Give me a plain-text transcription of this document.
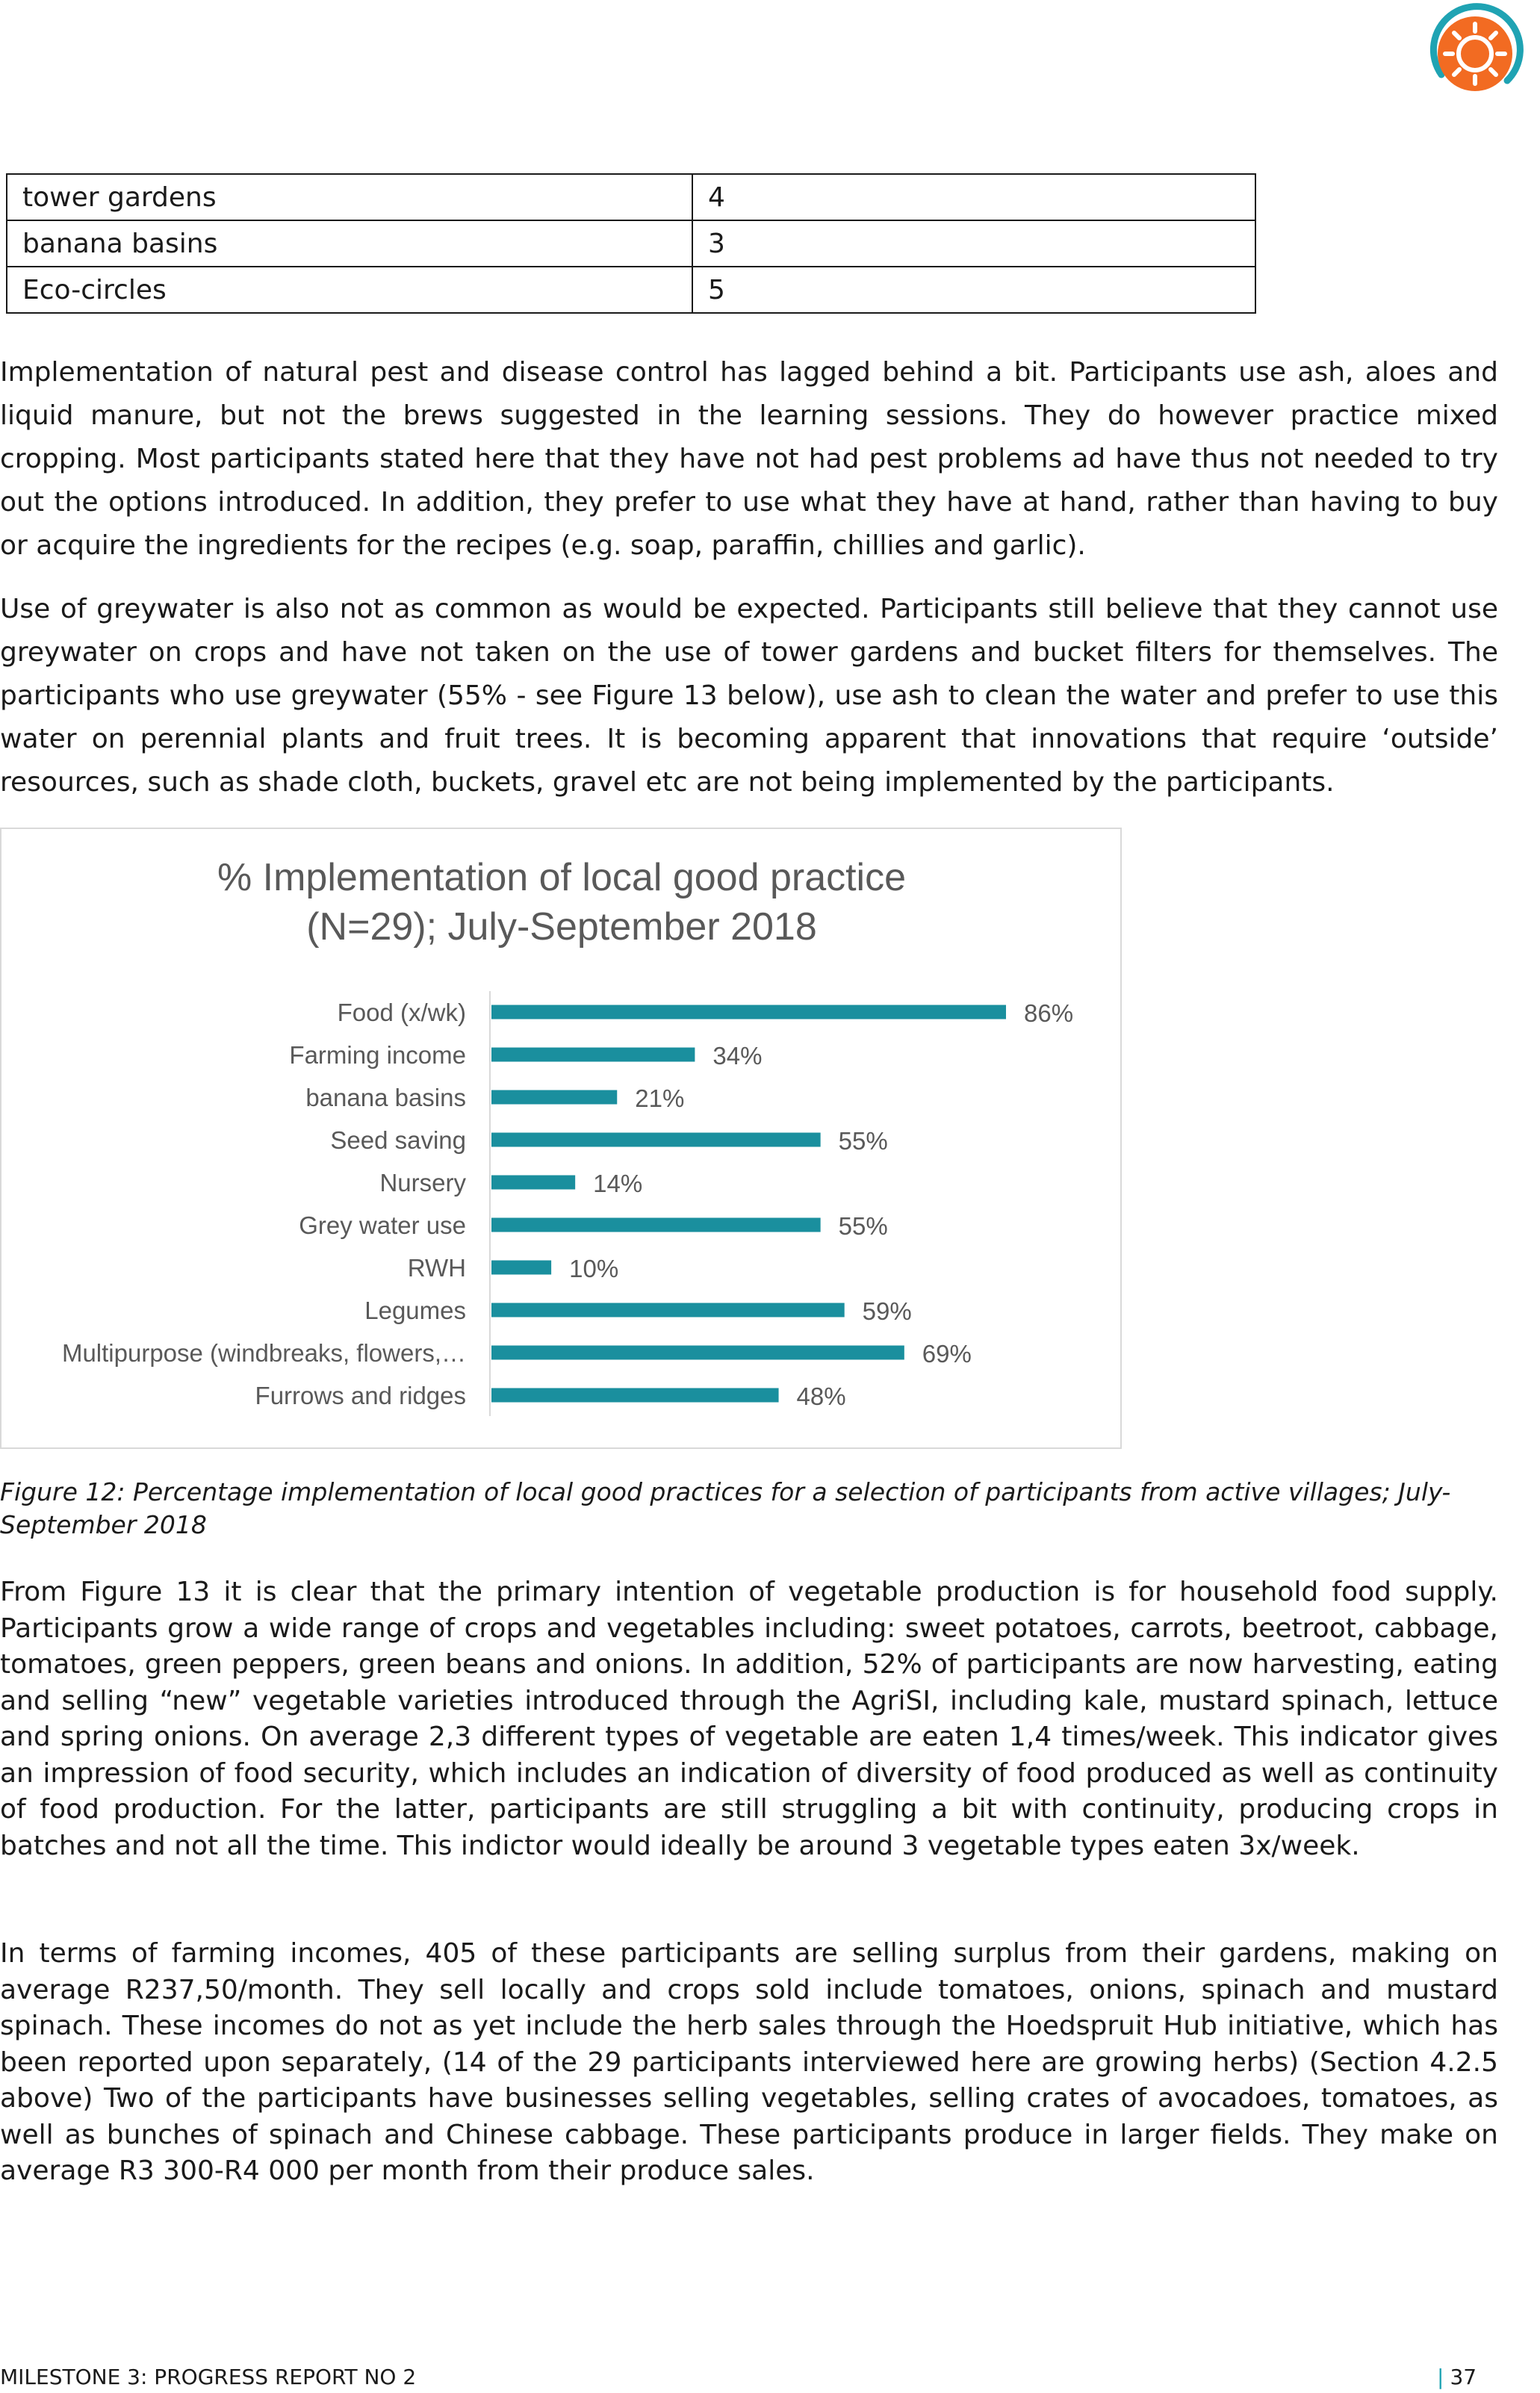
tower gardens	4
banana basins	3
Eco-circles	5

Implementation of natural pest and disease control has lagged behind a bit. Participants use ash, aloes and liquid manure, but not the brews suggested in the learning sessions. They do however practice mixed cropping. Most participants stated here that they have not had pest problems ad have thus not needed to try out the options introduced. In addition, they prefer to use what they have at hand, rather than having to buy or acquire the ingredients for the recipes (e.g. soap, paraffin, chillies and garlic).

Use of greywater is also not as common as would be expected. Participants still believe that they cannot use greywater on crops and have not taken on the use of tower gardens and bucket filters for themselves. The participants who use greywater (55% - see Figure 13 below), use ash to clean the water and prefer to use this water on perennial plants and fruit trees. It is becoming apparent that innovations that require ‘outside’ resources, such as shade cloth, buckets, gravel etc are not being implemented by the participants.

% Implementation of local good practice
(N=29); July-September 2018
Food (x/wk)	86%
Farming income	34%
banana basins	21%
Seed saving	55%
Nursery	14%
Grey water use	55%
RWH	10%
Legumes	59%
Multipurpose (windbreaks, flowers,…	69%
Furrows and ridges	48%

Figure 12: Percentage implementation of local good practices for a selection of participants from active villages; July-September 2018

From Figure 13 it is clear that the primary intention of vegetable production is for household food supply. Participants grow a wide range of crops and vegetables including: sweet potatoes, carrots, beetroot, cabbage, tomatoes, green peppers, green beans and onions. In addition, 52% of participants are now harvesting, eating and selling “new” vegetable varieties introduced through the AgriSI, including kale, mustard spinach, lettuce and spring onions. On average 2,3 different types of vegetable are eaten 1,4 times/week. This indicator gives an impression of food security, which includes an indication of diversity of food produced as well as continuity of food production. For the latter, participants are still struggling a bit with continuity, producing crops in batches and not all the time. This indictor would ideally be around 3 vegetable types eaten 3x/week.

In terms of farming incomes, 405 of these participants are selling surplus from their gardens, making on average R237,50/month. They sell locally and crops sold include tomatoes, onions, spinach and mustard spinach. These incomes do not as yet include the herb sales through the Hoedspruit Hub initiative, which has been reported upon separately, (14 of the 29 participants interviewed here are growing herbs) (Section 4.2.5 above) Two of the participants have businesses selling vegetables, selling crates of avocadoes, tomatoes, as well as bunches of spinach and Chinese cabbage. These participants produce in larger fields. They make on average R3 300-R4 000 per month from their produce sales.

MILESTONE 3: PROGRESS REPORT NO 2	| 37
